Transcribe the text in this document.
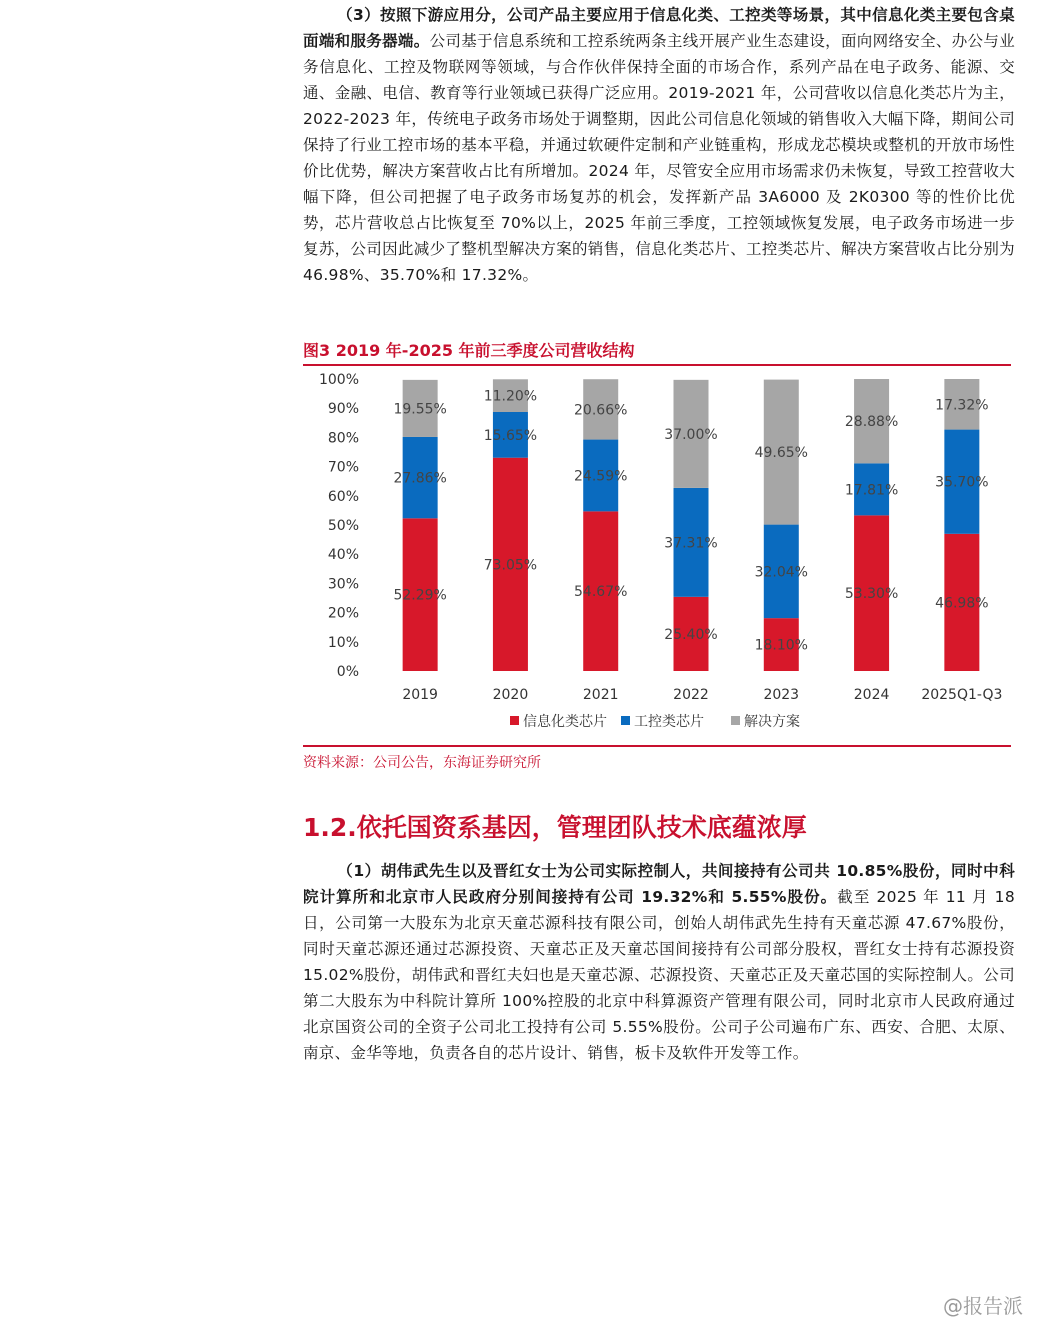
（3）按照下游应用分，公司产品主要应用于信息化类、工控类等场景，其中信息化类主要包含桌面端和服务器端。公司基于信息系统和工控系统两条主线开展产业生态建设，面向网络安全、办公与业务信息化、工控及物联网等领域，与合作伙伴保持全面的市场合作，系列产品在电子政务、能源、交通、金融、电信、教育等行业领域已获得广泛应用。2019-2021 年，公司营收以信息化类芯片为主，2022-2023 年，传统电子政务市场处于调整期，因此公司信息化领域的销售收入大幅下降，期间公司保持了行业工控市场的基本平稳，并通过软硬件定制和产业链重构，形成龙芯模块或整机的开放市场性价比优势，解决方案营收占比有所增加。2024 年，尽管安全应用市场需求仍未恢复，导致工控营收大幅下降，但公司把握了电子政务市场复苏的机会，发挥新产品 3A6000 及 2K0300 等的性价比优势，芯片营收总占比恢复至 70%以上，2025 年前三季度，工控领域恢复发展，电子政务市场进一步复苏，公司因此减少了整机型解决方案的销售，信息化类芯片、工控类芯片、解决方案营收占比分别为 46.98%、35.70%和 17.32%。

图3 2019 年-2025 年前三季度公司营收结构
0%
10%
20%
30%
40%
50%
60%
70%
80%
90%
100%
52.29%
27.86%
19.55%
2019
73.05%
15.65%
11.20%
2020
54.67%
24.59%
20.66%
2021
25.40%
37.31%
37.00%
2022
18.10%
32.04%
49.65%
2023
53.30%
17.81%
28.88%
2024
46.98%
35.70%
17.32%
2025Q1-Q3
信息化类芯片 工控类芯片	解决方案
资料来源：公司公告，东海证券研究所
1.2.依托国资系基因，管理团队技术底蕴浓厚

（1）胡伟武先生以及晋红女士为公司实际控制人，共间接持有公司共 10.85%股份，同时中科院计算所和北京市人民政府分别间接持有公司 19.32%和 5.55%股份。截至 2025 年 11 月 18 日，公司第一大股东为北京天童芯源科技有限公司，创始人胡伟武先生持有天童芯源 47.67%股份，同时天童芯源还通过芯源投资、天童芯正及天童芯国间接持有公司部分股权，晋红女士持有芯源投资 15.02%股份，胡伟武和晋红夫妇也是天童芯源、芯源投资、天童芯正及天童芯国的实际控制人。公司第二大股东为中科院计算所 100%控股的北京中科算源资产管理有限公司，同时北京市人民政府通过北京国资公司的全资子公司北工投持有公司 5.55%股份。公司子公司遍布广东、西安、合肥、太原、南京、金华等地，负责各自的芯片设计、销售，板卡及软件开发等工作。

@报告派
